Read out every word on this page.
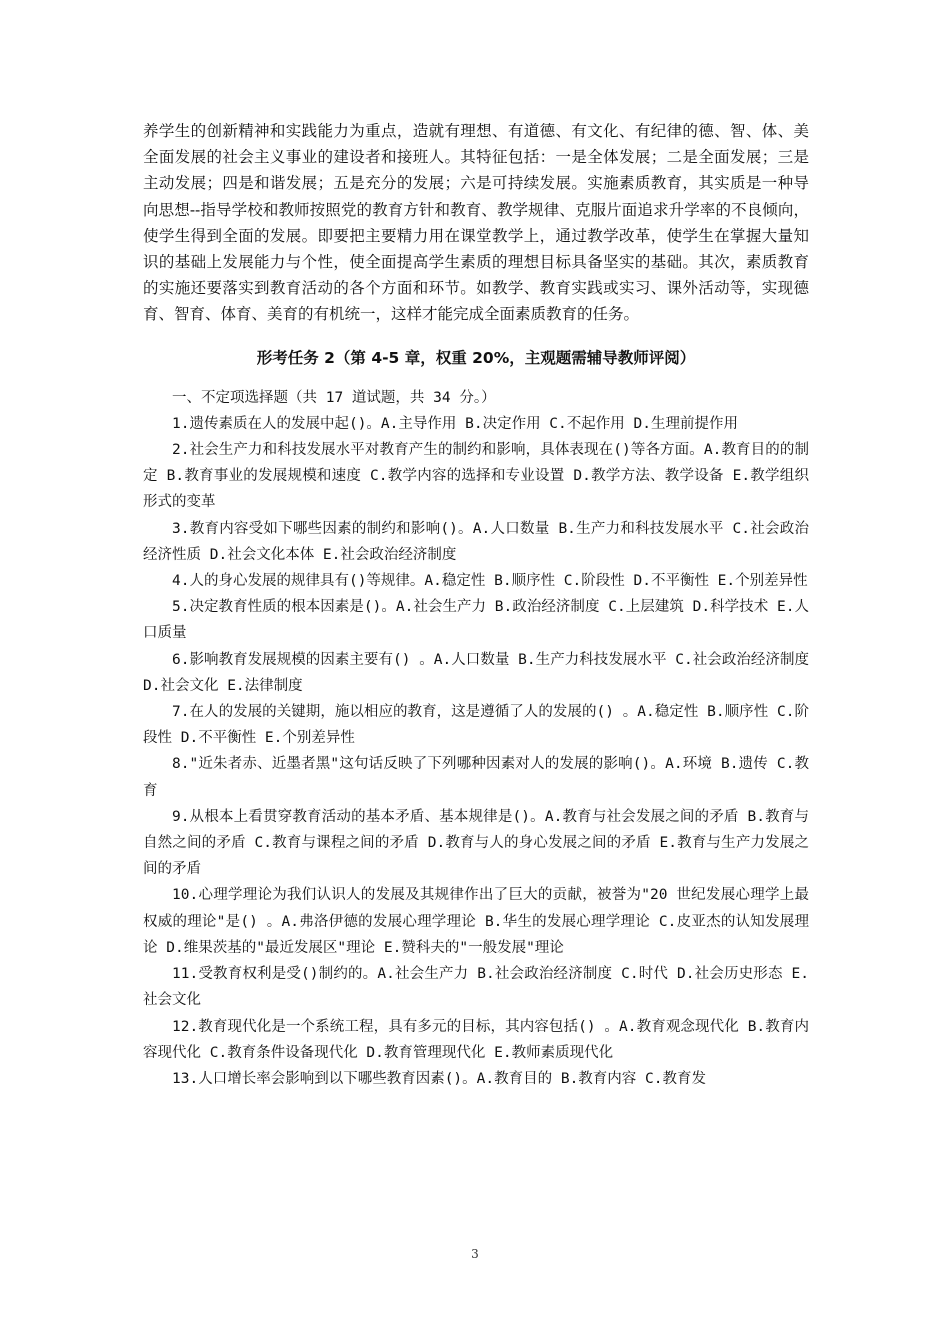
养学生的创新精神和实践能力为重点，造就有理想、有道德、有文化、有纪律的德、智、体、美全面发展的社会主义事业的建设者和接班人。其特征包括：一是全体发展；二是全面发展；三是主动发展；四是和谐发展；五是充分的发展；六是可持续发展。实施素质教育，其实质是一种导向思想--指导学校和教师按照党的教育方针和教育、教学规律、克服片面追求升学率的不良倾向，使学生得到全面的发展。即要把主要精力用在课堂教学上，通过教学改革，使学生在掌握大量知识的基础上发展能力与个性，使全面提高学生素质的理想目标具备坚实的基础。其次，素质教育的实施还要落实到教育活动的各个方面和环节。如教学、教育实践或实习、课外活动等，实现德育、智育、体育、美育的有机统一，这样才能完成全面素质教育的任务。

形考任务 2（第 4-5 章，权重 20%，主观题需辅导教师评阅）

一、不定项选择题（共 17 道试题，共 34 分。）

1.遗传素质在人的发展中起()。A.主导作用 B.决定作用 C.不起作用 D.生理前提作用

2.社会生产力和科技发展水平对教育产生的制约和影响，具体表现在()等各方面。A.教育目的的制定 B.教育事业的发展规模和速度 C.教学内容的选择和专业设置 D.教学方法、教学设备 E.教学组织形式的变革

3.教育内容受如下哪些因素的制约和影响()。A.人口数量 B.生产力和科技发展水平 C.社会政治经济性质 D.社会文化本体 E.社会政治经济制度

4.人的身心发展的规律具有()等规律。A.稳定性 B.顺序性 C.阶段性 D.不平衡性 E.个别差异性

5.决定教育性质的根本因素是()。A.社会生产力 B.政治经济制度 C.上层建筑 D.科学技术 E.人口质量

6.影响教育发展规模的因素主要有() 。A.人口数量 B.生产力科技发展水平 C.社会政治经济制度 D.社会文化 E.法律制度

7.在人的发展的关键期，施以相应的教育，这是遵循了人的发展的() 。A.稳定性 B.顺序性 C.阶段性 D.不平衡性 E.个别差异性

8."近朱者赤、近墨者黑"这句话反映了下列哪种因素对人的发展的影响()。A.环境 B.遗传 C.教育

9.从根本上看贯穿教育活动的基本矛盾、基本规律是()。A.教育与社会发展之间的矛盾 B.教育与自然之间的矛盾 C.教育与课程之间的矛盾 D.教育与人的身心发展之间的矛盾 E.教育与生产力发展之间的矛盾

10.心理学理论为我们认识人的发展及其规律作出了巨大的贡献，被誉为"20 世纪发展心理学上最权威的理论"是() 。A.弗洛伊德的发展心理学理论 B.华生的发展心理学理论 C.皮亚杰的认知发展理论 D.维果茨基的"最近发展区"理论 E.赞科夫的"一般发展"理论

11.受教育权利是受()制约的。A.社会生产力 B.社会政治经济制度 C.时代 D.社会历史形态 E.社会文化

12.教育现代化是一个系统工程，具有多元的目标，其内容包括() 。A.教育观念现代化 B.教育内容现代化 C.教育条件设备现代化 D.教育管理现代化 E.教师素质现代化

13.人口增长率会影响到以下哪些教育因素()。A.教育目的 B.教育内容 C.教育发

3
